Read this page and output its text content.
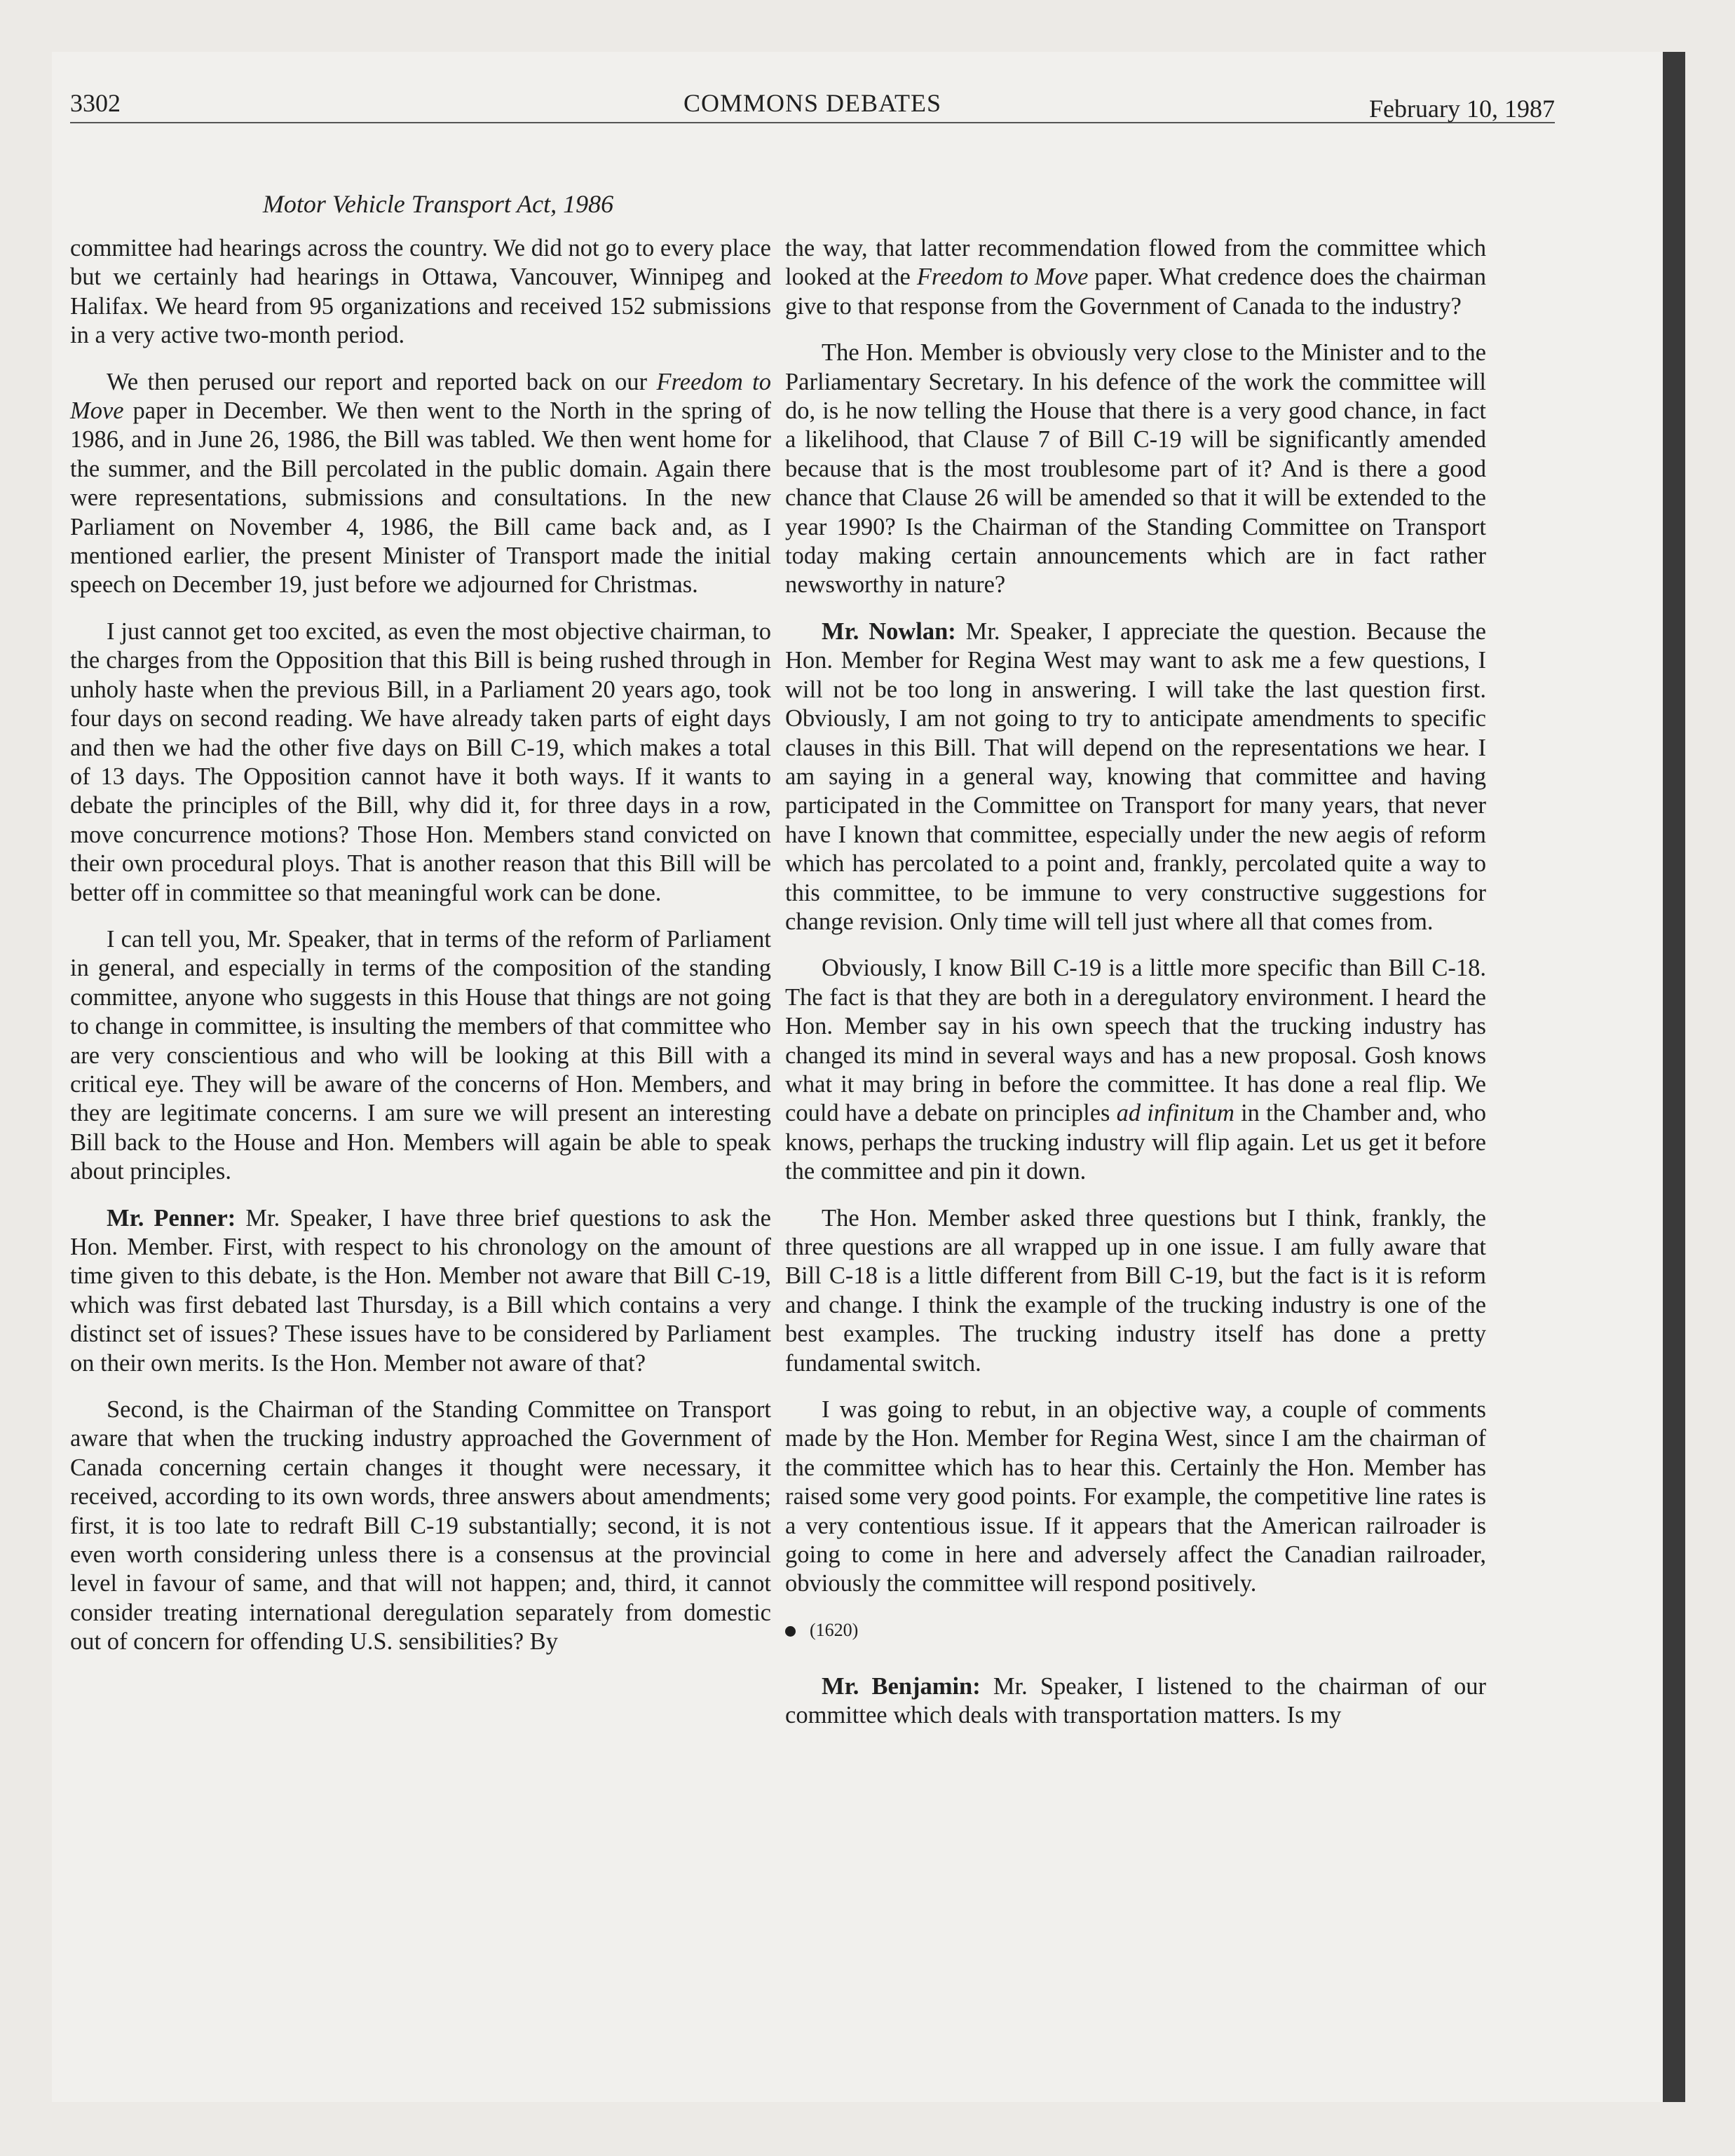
3302	COMMONS DEBATES	February 10, 1987
Motor Vehicle Transport Act, 1986

committee had hearings across the country. We did not go to every place but we certainly had hearings in Ottawa, Vancouver, Winnipeg and Halifax. We heard from 95 organizations and received 152 submissions in a very active two-month period.

We then perused our report and reported back on our Freedom to Move paper in December. We then went to the North in the spring of 1986, and in June 26, 1986, the Bill was tabled. We then went home for the summer, and the Bill percolated in the public domain. Again there were representations, submissions and consultations. In the new Parliament on November 4, 1986, the Bill came back and, as I mentioned earlier, the present Minister of Transport made the initial speech on December 19, just before we adjourned for Christmas.

I just cannot get too excited, as even the most objective chairman, to the charges from the Opposition that this Bill is being rushed through in unholy haste when the previous Bill, in a Parliament 20 years ago, took four days on second reading. We have already taken parts of eight days and then we had the other five days on Bill C-19, which makes a total of 13 days. The Opposition cannot have it both ways. If it wants to debate the principles of the Bill, why did it, for three days in a row, move concurrence motions? Those Hon. Members stand convicted on their own procedural ploys. That is another reason that this Bill will be better off in committee so that meaningful work can be done.

I can tell you, Mr. Speaker, that in terms of the reform of Parliament in general, and especially in terms of the composition of the standing committee, anyone who suggests in this House that things are not going to change in committee, is insulting the members of that committee who are very conscientious and who will be looking at this Bill with a critical eye. They will be aware of the concerns of Hon. Members, and they are legitimate concerns. I am sure we will present an interesting Bill back to the House and Hon. Members will again be able to speak about principles.

Mr. Penner: Mr. Speaker, I have three brief questions to ask the Hon. Member. First, with respect to his chronology on the amount of time given to this debate, is the Hon. Member not aware that Bill C-19, which was first debated last Thursday, is a Bill which contains a very distinct set of issues? These issues have to be considered by Parliament on their own merits. Is the Hon. Member not aware of that?

Second, is the Chairman of the Standing Committee on Transport aware that when the trucking industry approached the Government of Canada concerning certain changes it thought were necessary, it received, according to its own words, three answers about amendments; first, it is too late to redraft Bill C-19 substantially; second, it is not even worth considering unless there is a consensus at the provincial level in favour of same, and that will not happen; and, third, it cannot consider treating international deregulation separately from domestic out of concern for offending U.S. sensibilities? By

the way, that latter recommendation flowed from the committee which looked at the Freedom to Move paper. What credence does the chairman give to that response from the Government of Canada to the industry?

The Hon. Member is obviously very close to the Minister and to the Parliamentary Secretary. In his defence of the work the committee will do, is he now telling the House that there is a very good chance, in fact a likelihood, that Clause 7 of Bill C-19 will be significantly amended because that is the most troublesome part of it? And is there a good chance that Clause 26 will be amended so that it will be extended to the year 1990? Is the Chairman of the Standing Committee on Transport today making certain announcements which are in fact rather newsworthy in nature?

Mr. Nowlan: Mr. Speaker, I appreciate the question. Because the Hon. Member for Regina West may want to ask me a few questions, I will not be too long in answering. I will take the last question first. Obviously, I am not going to try to anticipate amendments to specific clauses in this Bill. That will depend on the representations we hear. I am saying in a general way, knowing that committee and having participated in the Committee on Transport for many years, that never have I known that committee, especially under the new aegis of reform which has percolated to a point and, frankly, percolated quite a way to this committee, to be immune to very constructive suggestions for change revision. Only time will tell just where all that comes from.

Obviously, I know Bill C-19 is a little more specific than Bill C-18. The fact is that they are both in a deregulatory environment. I heard the Hon. Member say in his own speech that the trucking industry has changed its mind in several ways and has a new proposal. Gosh knows what it may bring in before the committee. It has done a real flip. We could have a debate on principles ad infinitum in the Chamber and, who knows, perhaps the trucking industry will flip again. Let us get it before the committee and pin it down.

The Hon. Member asked three questions but I think, frankly, the three questions are all wrapped up in one issue. I am fully aware that Bill C-18 is a little different from Bill C-19, but the fact is it is reform and change. I think the example of the trucking industry is one of the best examples. The trucking industry itself has done a pretty fundamental switch.

I was going to rebut, in an objective way, a couple of comments made by the Hon. Member for Regina West, since I am the chairman of the committee which has to hear this. Certainly the Hon. Member has raised some very good points. For example, the competitive line rates is a very contentious issue. If it appears that the American railroader is going to come in here and adversely affect the Canadian railroader, obviously the committee will respond positively.

(1620)

Mr. Benjamin: Mr. Speaker, I listened to the chairman of our committee which deals with transportation matters. Is my
